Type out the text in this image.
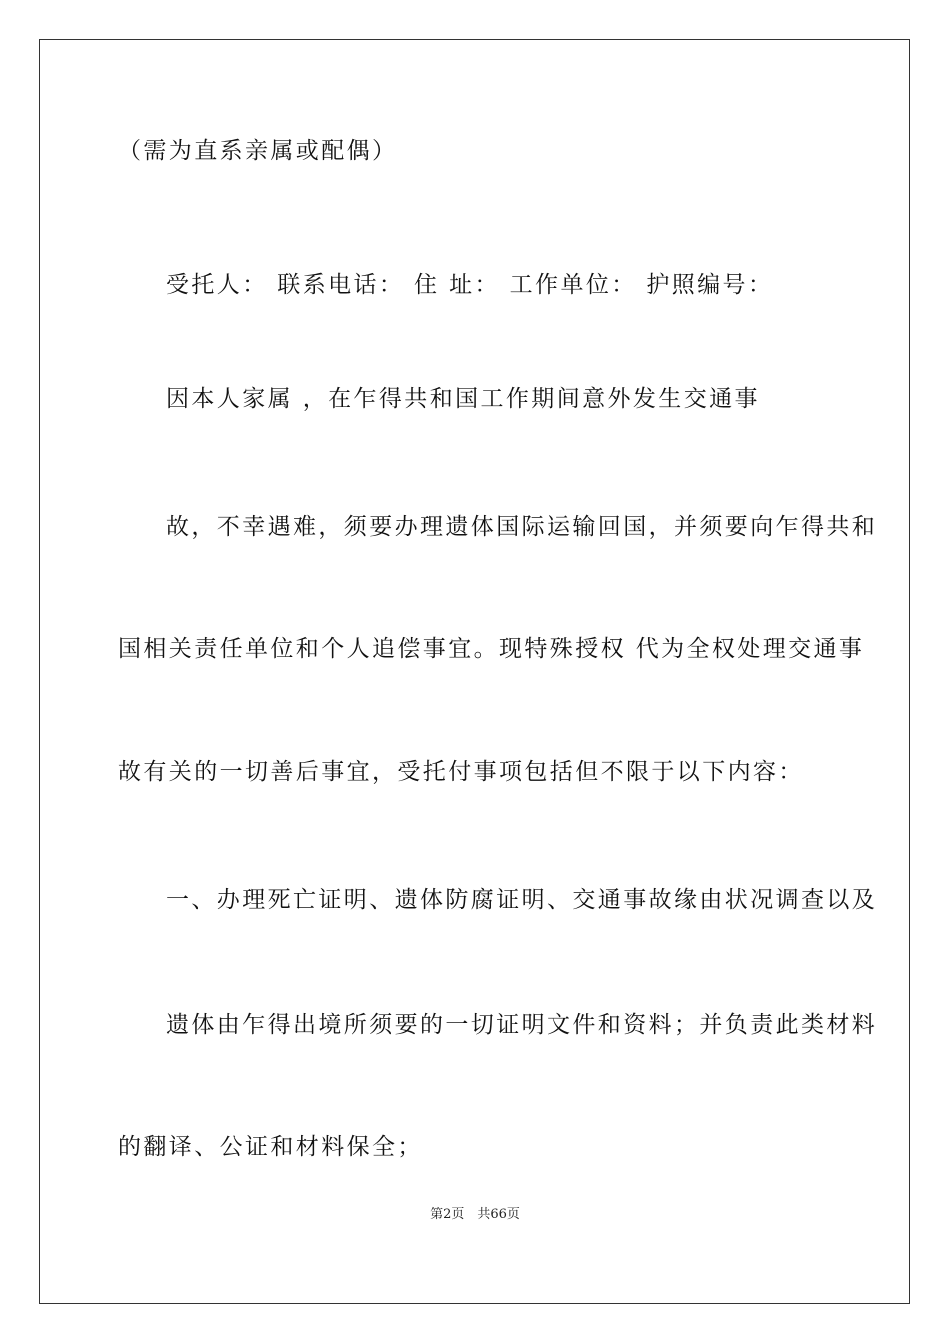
（需为直系亲属或配偶）
受托人： 联系电话： 住 址： 工作单位： 护照编号：
因本人家属 ，在乍得共和国工作期间意外发生交通事
故，不幸遇难，须要办理遗体国际运输回国，并须要向乍得共和
国相关责任单位和个人追偿事宜。现特殊授权 代为全权处理交通事
故有关的一切善后事宜，受托付事项包括但不限于以下内容：
一、办理死亡证明、遗体防腐证明、交通事故缘由状况调查以及
遗体由乍得出境所须要的一切证明文件和资料；并负责此类材料
的翻译、公证和材料保全；
第2页　共66页
